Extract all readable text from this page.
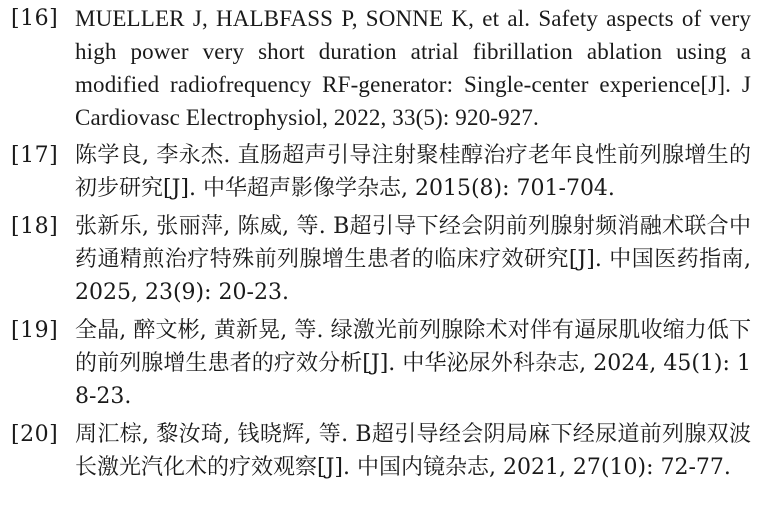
[16] MUELLER J, HALBFASS P, SONNE K, et al. Safety aspects of very high power very short duration atrial fibrillation ablation using a modified radiofrequency RF-generator: Single-center experience[J]. J Cardiovasc Electrophysiol, 2022, 33(5): 920-927.
[17] 陈学良, 李永杰. 直肠超声引导注射聚桂醇治疗老年良性前列腺增生的初步研究[J]. 中华超声影像学杂志, 2015(8): 701-704.
[18] 张新乐, 张丽萍, 陈威, 等. B超引导下经会阴前列腺射频消融术联合中药通精煎治疗特殊前列腺增生患者的临床疗效研究[J]. 中国医药指南, 2025, 23(9): 20-23.
[19] 全晶, 醉文彬, 黄新晃, 等. 绿激光前列腺除术对伴有逼尿肌收缩力低下的前列腺增生患者的疗效分析[J]. 中华泌尿外科杂志, 2024, 45(1): 18-23.
[20] 周汇棕, 黎汝琦, 钱晓辉, 等. B超引导经会阴局麻下经尿道前列腺双波长激光汽化术的疗效观察[J]. 中国内镜杂志, 2021, 27(10): 72-77.
